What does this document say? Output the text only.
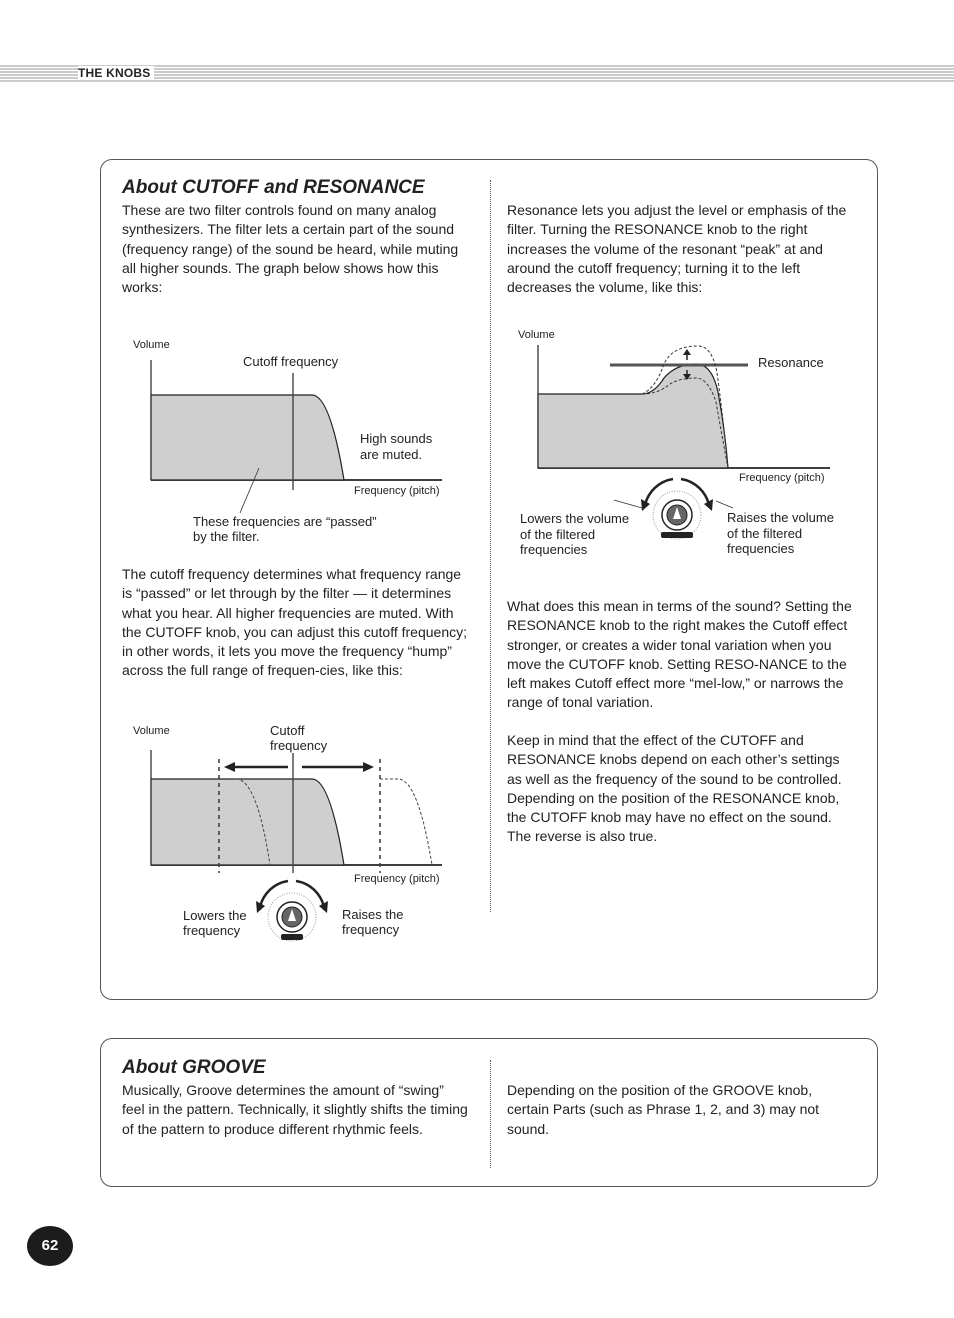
THE KNOBS
About CUTOFF and RESONANCE

These are two filter controls found on many analog synthesizers. The filter lets a certain part of the sound (frequency range) of the sound be heard, while muting all higher sounds. The graph below shows how this works:

Volume
Cutoff frequency
High sounds
are muted.
Frequency (pitch)
These frequencies are “passed”
by the filter.

The cutoff frequency determines what frequency range is “passed” or let through by the filter — it determines what you hear. All higher frequencies are muted. With the CUTOFF knob, you can adjust this cutoff frequency; in other words, it lets you move the frequency “hump” across the full range of frequen-cies, like this:

Volume	Cutoff
frequency
Frequency (pitch)
Lowers the
frequency
Raises the
frequency

Resonance lets you adjust the level or emphasis of the filter. Turning the RESONANCE knob to the right increases the volume of the resonant “peak” at and around the cutoff frequency; turning it to the left decreases the volume, like this:

Volume
Resonance
Frequency (pitch)
Lowers the volume
of the filtered
frequencies
Raises the volume
of the filtered
frequencies

What does this mean in terms of the sound? Setting the RESONANCE knob to the right makes the Cutoff effect stronger, or creates a wider tonal variation when you move the CUTOFF knob. Setting RESO-NANCE to the left makes Cutoff effect more “mel-low,” or narrows the range of tonal variation.

Keep in mind that the effect of the CUTOFF and RESONANCE knobs depend on each other’s settings as well as the frequency of the sound to be controlled. Depending on the position of the RESONANCE knob, the CUTOFF knob may have no effect on the sound. The reverse is also true.

About GROOVE

Musically, Groove determines the amount of “swing” feel in the pattern. Technically, it slightly shifts the timing of the pattern to produce different rhythmic feels.

Depending on the position of the GROOVE knob, certain Parts (such as Phrase 1, 2, and 3) may not sound.

62
